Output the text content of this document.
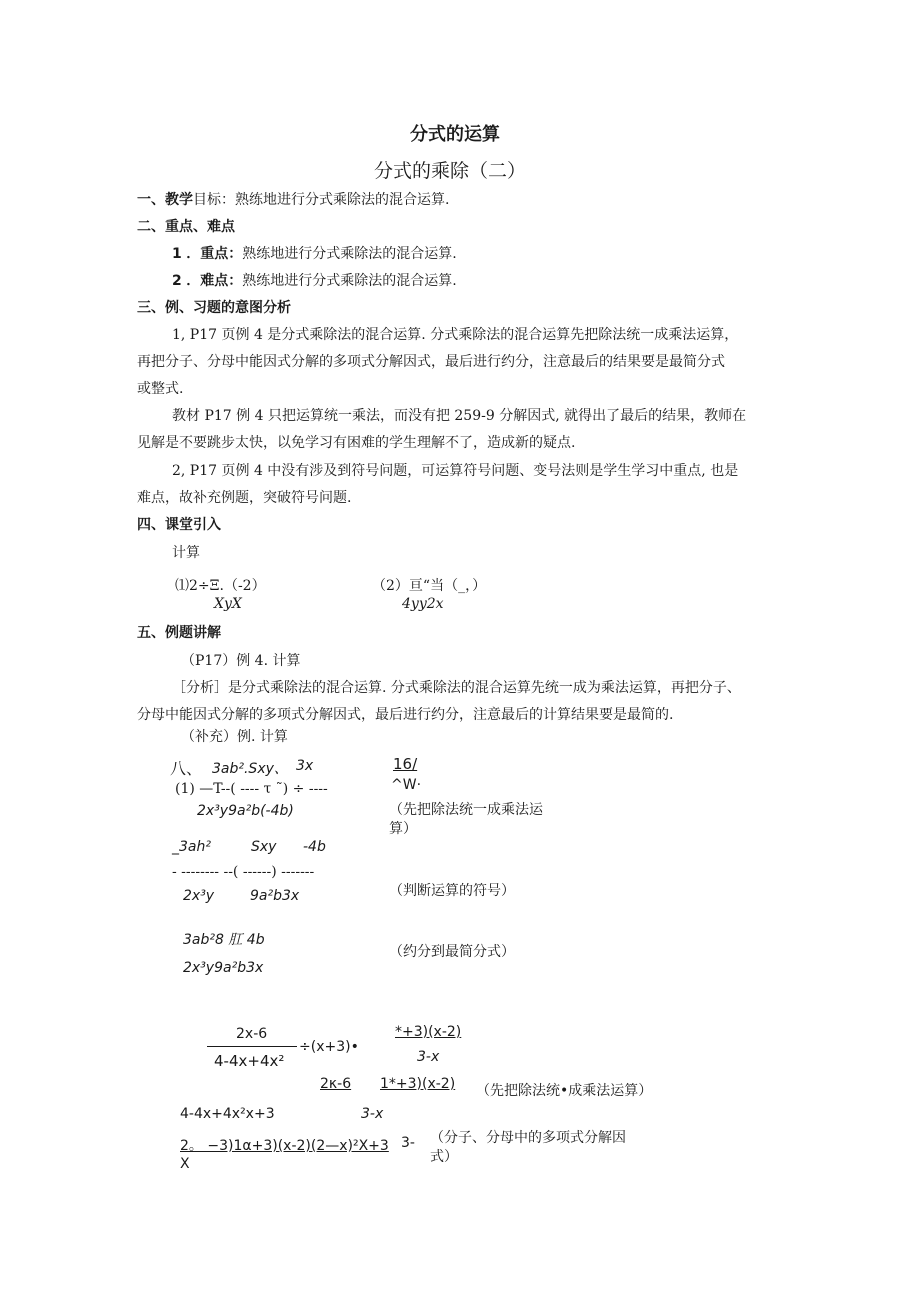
分式的运算
分式的乘除（二）
一、教学目标：熟练地进行分式乘除法的混合运算.
二、重点、难点
1 ．重点：熟练地进行分式乘除法的混合运算.
2 ．难点：熟练地进行分式乘除法的混合运算.
三、例、习题的意图分析
1, P17 页例 4 是分式乘除法的混合运算. 分式乘除法的混合运算先把除法统一成乘法运算，
再把分子、分母中能因式分解的多项式分解因式，最后进行约分，注意最后的结果要是最简分式
或整式.
教材 P17 例 4 只把运算统一乘法，而没有把 259-9 分解因式, 就得出了最后的结果，教师在
见解是不要跳步太快，以免学习有困难的学生理解不了，造成新的疑点.
2, P17 页例 4 中没有涉及到符号问题，可运算符号问题、变号法则是学生学习中重点, 也是
难点，故补充例题，突破符号问题.
四、课堂引入
计算
⑴2÷Ξ.（-2）
XyX
（2）亘“当（_，）
4yy2x
五、例题讲解
（P17）例 4. 计算
［分析］是分式乘除法的混合运算. 分式乘除法的混合运算先统一成为乘法运算，再把分子、
分母中能因式分解的多项式分解因式，最后进行约分，注意最后的计算结果要是最简的.
（补充）例. 计算
八、 3ab².Sxy、 3x	16/
(1) —T--( ---- τ ˜) ÷ ----	^W·
2x³y9a²b(-4b)	（先把除法统一成乘法运
算）
_3ah²	Sxy -4b
- -------- --( ------) -------
2x³y	9a²b3x	（判断运算的符号）
3ab²8 肛 4b
（约分到最简分式）
2x³y9a²b3x
2x-6
4-4x+4x²
÷(x+3)•
*+3)(x-2)
3-x
2κ-6 1*+3)(x-2) （先把除法统•成乘法运算）
4-4x+4x²x+3	3-x
2。 −3)1α+3)(x-2)(2—x)²X+3 3-
X
（分子、分母中的多项式分解因
式）
